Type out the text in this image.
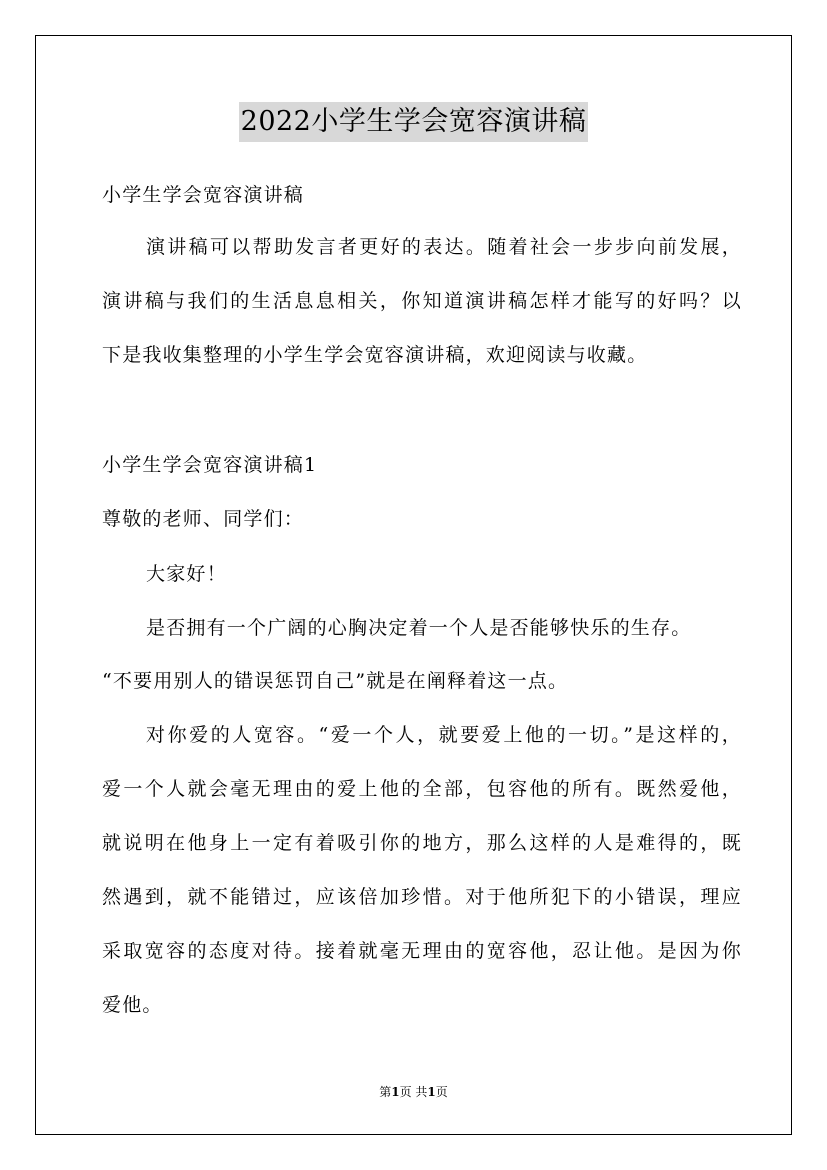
2022小学生学会宽容演讲稿
小学生学会宽容演讲稿
演讲稿可以帮助发言者更好的表达。随着社会一步步向前发展，
演讲稿与我们的生活息息相关，你知道演讲稿怎样才能写的好吗？以
下是我收集整理的小学生学会宽容演讲稿，欢迎阅读与收藏。
小学生学会宽容演讲稿1
尊敬的老师、同学们：
大家好！
是否拥有一个广阔的心胸决定着一个人是否能够快乐的生存。
“不要用别人的错误惩罚自己”就是在阐释着这一点。
对你爱的人宽容。“爱一个人，就要爱上他的一切。”是这样的，
爱一个人就会毫无理由的爱上他的全部，包容他的所有。既然爱他，
就说明在他身上一定有着吸引你的地方，那么这样的人是难得的，既
然遇到，就不能错过，应该倍加珍惜。对于他所犯下的小错误，理应
采取宽容的态度对待。接着就毫无理由的宽容他，忍让他。是因为你
爱他。
第1页 共1页
